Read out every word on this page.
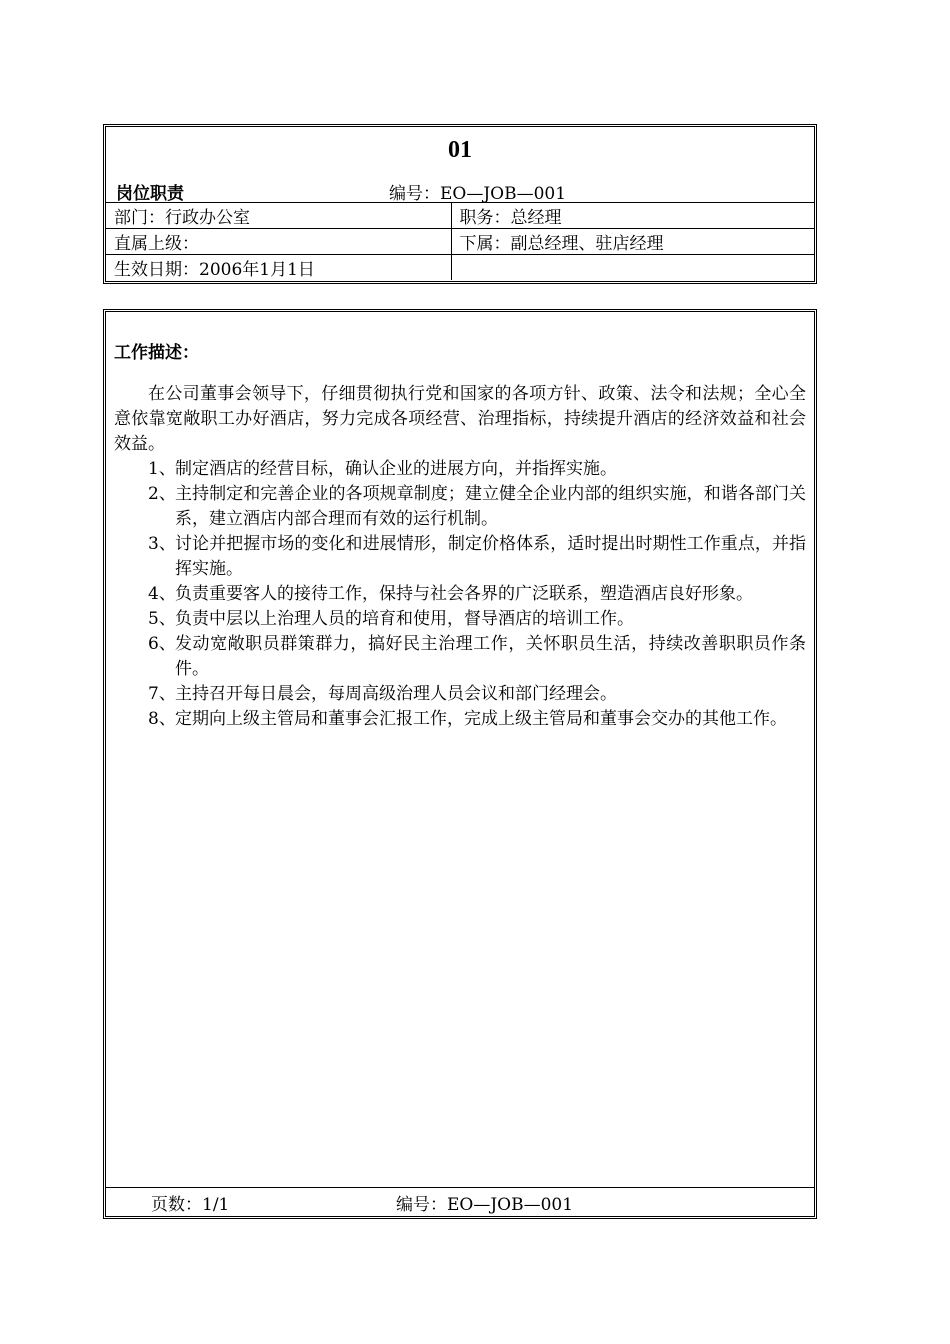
01
岗位职责	编号：EO—JOB—001
部门：行政办公室	职务：总经理
直属上级：	下属：副总经理、驻店经理
生效日期：2006年1月1日	
工作描述：
在公司董事会领导下，仔细贯彻执行党和国家的各项方针、政策、法令和法规；全心全意依靠宽敞职工办好酒店，努力完成各项经营、治理指标，持续提升酒店的经济效益和社会效益。
1、 制定酒店的经营目标，确认企业的进展方向，并指挥实施。
2、 主持制定和完善企业的各项规章制度；建立健全企业内部的组织实施，和谐各部门关系，建立酒店内部合理而有效的运行机制。
3、 讨论并把握市场的变化和进展情形，制定价格体系，适时提出时期性工作重点，并指挥实施。
4、 负责重要客人的接待工作，保持与社会各界的广泛联系，塑造酒店良好形象。
5、 负责中层以上治理人员的培育和使用，督导酒店的培训工作。
6、 发动宽敞职员群策群力，搞好民主治理工作，关怀职员生活，持续改善职职员作条件。
7、 主持召开每日晨会，每周高级治理人员会议和部门经理会。
8、 定期向上级主管局和董事会汇报工作，完成上级主管局和董事会交办的其他工作。
页数：1/1	编号：EO—JOB—001
